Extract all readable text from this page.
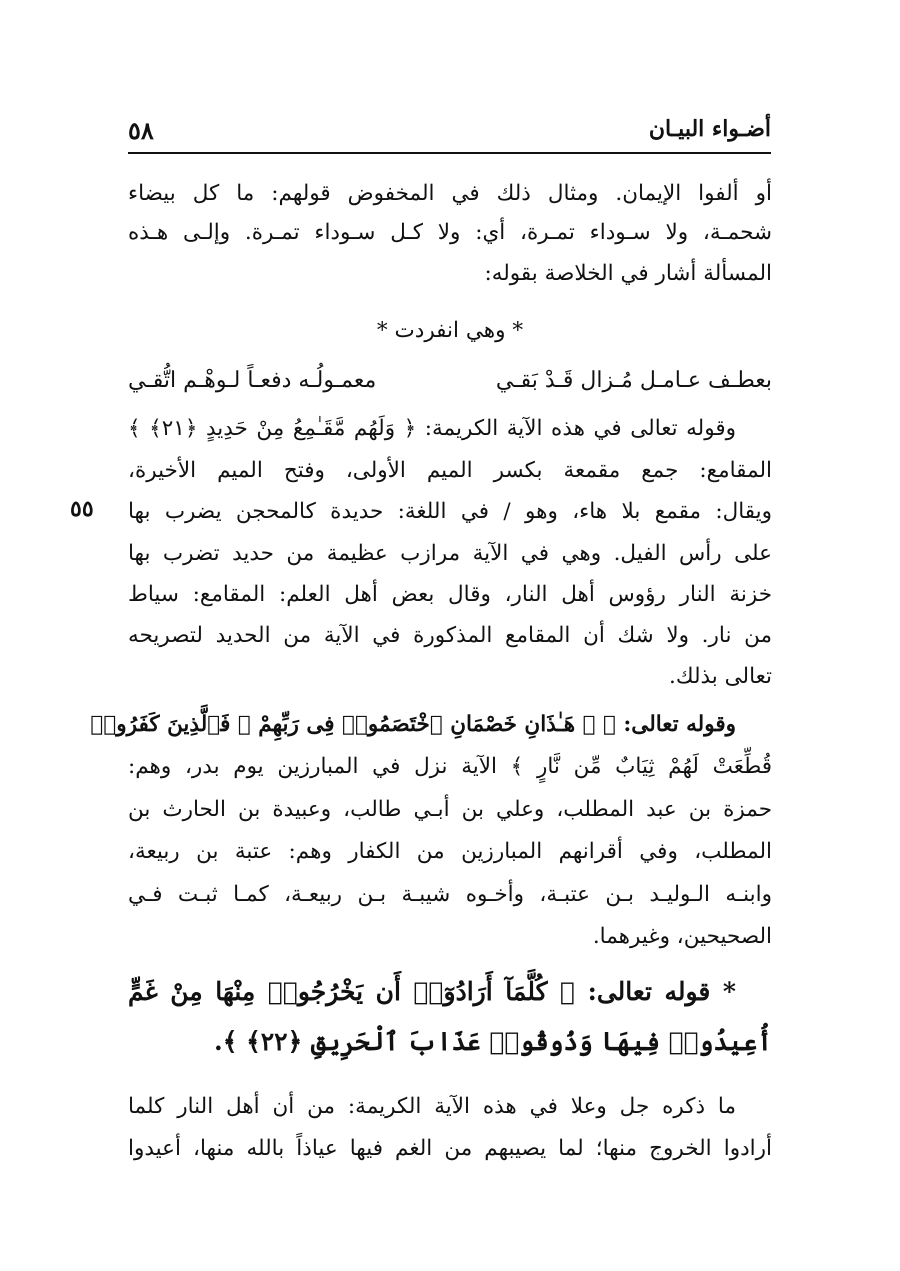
أضـواء البيـان
٥٨
أو ألفوا الإيمان. ومثال ذلك في المخفوض قولهم: ما كل بيضاء
شحمـة، ولا سـوداء تمـرة، أي: ولا كـل سـوداء تمـرة. وإلـى هـذه
المسألة أشار في الخلاصة بقوله:
* وهي انفردت *
بعطـف عـامـل مُـزال قَـدْ بَقـي
معمـولُـه دفعـاً لـوهْـم اتُّقـي
وقوله تعالى في هذه الآية الكريمة: ﴿ وَلَهُم مَّقَـٰمِعُ مِنْ حَدِيدٍ ﴿٢١﴾ ﴾
المقامع: جمع مقمعة بكسر الميم الأولى، وفتح الميم الأخيرة،
٥٥ ويقال: مقمع بلا هاء، وهو / في اللغة: حديدة كالمحجن يضرب بها
على رأس الفيل. وهي في الآية مرازب عظيمة من حديد تضرب بها
خزنة النار رؤوس أهل النار، وقال بعض أهل العلم: المقامع: سياط
من نار. ولا شك أن المقامع المذكورة في الآية من الحديد لتصريحه
تعالى بذلك.
وقوله تعالى: ﴿ ۞ هَـٰذَانِ خَصْمَانِ ٱخْتَصَمُوا۟ فِى رَبِّهِمْ ۖ فَٱلَّذِينَ كَفَرُوا۟
قُطِّعَتْ لَهُمْ ثِيَابٌ مِّن نَّارٍ ﴾ الآية نزل في المبارزين يوم بدر، وهم:
حمزة بن عبد المطلب، وعلي بن أبـي طالب، وعبيدة بن الحارث بن
المطلب، وفي أقرانهم المبارزين من الكفار وهم: عتبة بن ربيعة،
وابنـه الـوليـد بـن عتبـة، وأخـوه شيبـة بـن ربيعـة، كمـا ثبـت فـي
الصحيحين، وغيرهما.
* قوله تعالى: ﴿ كُلَّمَآ أَرَادُوٓا۟ أَن يَخْرُجُوا۟ مِنْهَا مِنْ غَمٍّ
أُعِيدُوا۟ فِيهَا وَذُوقُوا۟ عَذَابَ ٱلْحَرِيقِ ﴿٢٢﴾ ﴾.
ما ذكره جل وعلا في هذه الآية الكريمة: من أن أهل النار كلما
أرادوا الخروج منها؛ لما يصيبهم من الغم فيها عياذاً بالله منها، أعيدوا
